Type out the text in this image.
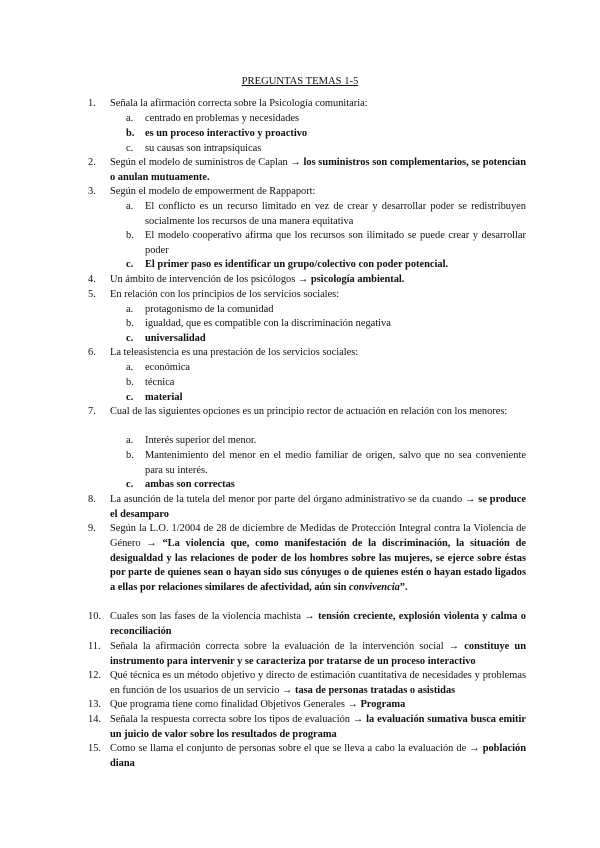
PREGUNTAS TEMAS 1-5
1.	Señala la afirmación correcta sobre la Psicología comunitaria:
a. centrado en problemas y necesidades
b. es un proceso interactivo y proactivo
c. su causas son intrapsíquicas
2.	Según el modelo de suministros de Caplan → los suministros son complementarios, se potencian o anulan mutuamente.
3.	Según el modelo de empowerment de Rappaport:
a. El conflicto es un recurso limitado en vez de crear y desarrollar poder se redistribuyen socialmente los recursos de una manera equitativa
b. El modelo cooperativo afirma que los recursos son ilimitado se puede crear y desarrollar poder
c. El primer paso es identificar un grupo/colectivo con poder potencial.
4.	Un ámbito de intervención de los psicólogos → psicología ambiental.
5.	En relación con los principios de los servicios sociales:
a. protagonismo de la comunidad
b. igualdad, que es compatible con la discriminación negativa
c. universalidad
6.	La teleasistencia es una prestación de los servicios sociales:
a. económica
b. técnica
c. material
7.	Cual de las siguientes opciones es un principio rector de actuación en relación con los menores:
a. Interés superior del menor.
b. Mantenimiento del menor en el medio familiar de origen, salvo que no sea conveniente para su interés.
c. ambas son correctas
8.	La asunción de la tutela del menor por parte del órgano administrativo se da cuando → se produce el desamparo
9.	Según la L.O. 1/2004 de 28 de diciembre de Medidas de Protección Integral contra la Violencia de Género → “La violencia que, como manifestación de la discriminación, la situación de desigualdad y las relaciones de poder de los hombres sobre las mujeres, se ejerce sobre éstas por parte de quienes sean o hayan sido sus cónyuges o de quienes estén o hayan estado ligados a ellas por relaciones similares de afectividad, aún sin convivencia”.
10. Cuales son las fases de la violencia machista → tensión creciente, explosión violenta y calma o reconciliación
11. Señala la afirmación correcta sobre la evaluación de la intervención social → constituye un instrumento para intervenir y se caracteriza por tratarse de un proceso interactivo
12. Qué técnica es un método objetivo y directo de estimación cuantitativa de necesidades y problemas en función de los usuarios de un servicio → tasa de personas tratadas o asistidas
13. Que programa tiene como finalidad Objetivos Generales → Programa
14. Señala la respuesta correcta sobre los tipos de evaluación → la evaluación sumativa busca emitir un juicio de valor sobre los resultados de programa
15. Como se llama el conjunto de personas sobre el que se lleva a cabo la evaluación de → población diana
